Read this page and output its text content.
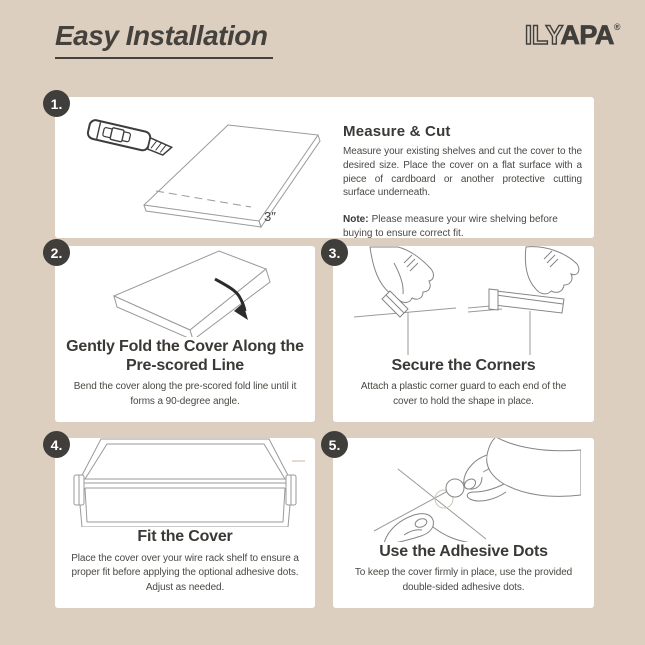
Easy Installation	ILYAPA®
1.
3″

Measure & Cut

Measure your existing shelves and cut the cover to the desired size. Place the cover on a flat surface with a piece of cardboard or another protective cutting surface underneath.

Note: Please measure your wire shelving before buying to ensure correct fit.
2.
Gently Fold the Cover Along the Pre-scored Line
Bend the cover along the pre-scored fold line until it forms a 90-degree angle.
3.
Secure the Corners
Attach a plastic corner guard to each end of the cover to hold the shape in place.
4.
Fit the Cover
Place the cover over your wire rack shelf to ensure a proper fit before applying the optional adhesive dots. Adjust as needed.
5.
Use the Adhesive Dots
To keep the cover firmly in place, use the provided double-sided adhesive dots.
